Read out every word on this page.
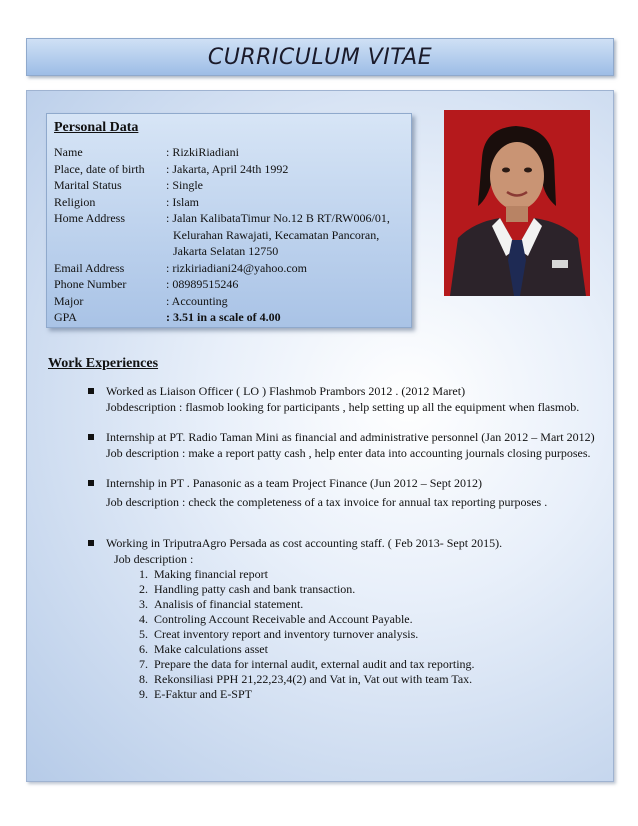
CURRICULUM VITAE
Personal Data
Name	: RizkiRiadiani
Place, date of birth	: Jakarta, April 24th 1992
Marital Status	: Single
Religion	: Islam
Home Address	: Jalan KalibataTimur No.12 B RT/RW006/01,
Kelurahan Rawajati, Kecamatan Pancoran,
Jakarta Selatan 12750
Email Address	: rizkiriadiani24@yahoo.com
Phone Number	: 08989515246
Major	: Accounting
GPA	: 3.51 in a scale of 4.00
Work Experiences
Worked as Liaison Officer ( LO ) Flashmob Prambors 2012 . (2012 Maret)
Jobdescription : flasmob looking for participants , help setting up all the equipment when flasmob.
Internship at PT. Radio Taman Mini as financial and administrative personnel (Jan 2012 – Mart 2012)
Job description : make a report patty cash , help enter data into accounting journals closing purposes.
Internship in PT . Panasonic as a team Project Finance (Jun 2012 – Sept 2012)
Job description : check the completeness of a tax invoice for annual tax reporting purposes .
Working in TriputraAgro Persada as cost accounting staff. ( Feb 2013- Sept 2015).
Job description :
1. Making financial report
2. Handling patty cash and bank transaction.
3. Analisis of financial statement.
4. Controling Account Receivable and Account Payable.
5. Creat inventory report and inventory turnover analysis.
6. Make calculations asset
7. Prepare the data for internal audit, external audit and tax reporting.
8. Rekonsiliasi PPH 21,22,23,4(2) and Vat in, Vat out with team Tax.
9. E-Faktur and E-SPT
